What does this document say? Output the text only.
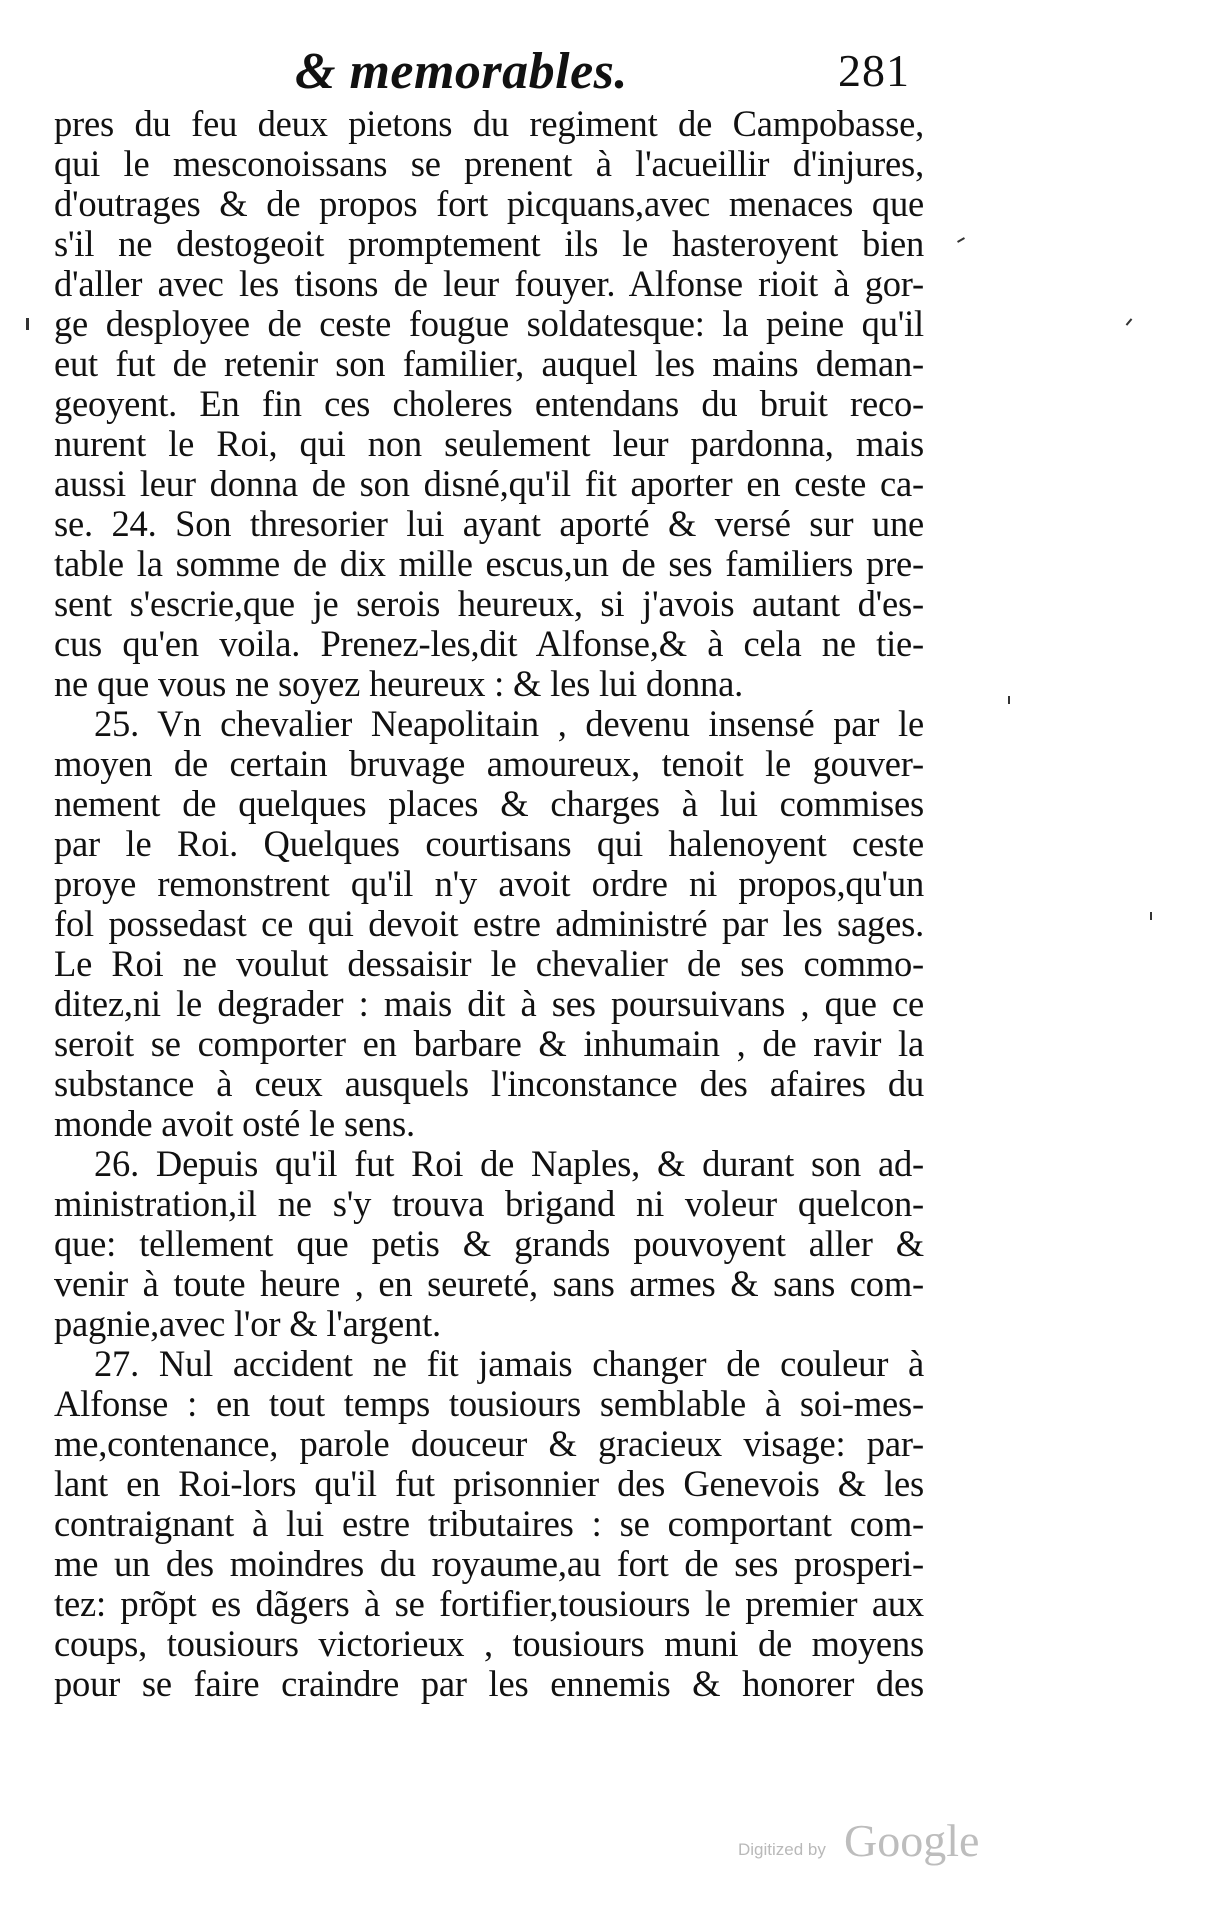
& memorables.	281
pres du feu deux pietons du regiment de Campobasse,
qui le mesconoissans se prenent à l'acueillir d'injures,
d'outrages & de propos fort picquans,avec menaces que
s'il ne destogeoit promptement ils le hasteroyent bien
d'aller avec les tisons de leur fouyer. Alfonse rioit à gor-
ge desployee de ceste fougue soldatesque: la peine qu'il
eut fut de retenir son familier, auquel les mains deman-
geoyent. En fin ces choleres entendans du bruit reco-
nurent le Roi, qui non seulement leur pardonna, mais
aussi leur donna de son disné,qu'il fit aporter en ceste ca-
se. 24. Son thresorier lui ayant aporté & versé sur une
table la somme de dix mille escus,un de ses familiers pre-
sent s'escrie,que je serois heureux, si j'avois autant d'es-
cus qu'en voila. Prenez-les,dit Alfonse,& à cela ne tie-
ne que vous ne soyez heureux : & les lui donna.
25. Vn chevalier Neapolitain , devenu insensé par le
moyen de certain bruvage amoureux, tenoit le gouver-
nement de quelques places & charges à lui commises
par le Roi. Quelques courtisans qui halenoyent ceste
proye remonstrent qu'il n'y avoit ordre ni propos,qu'un
fol possedast ce qui devoit estre administré par les sages.
Le Roi ne voulut dessaisir le chevalier de ses commo-
ditez,ni le degrader : mais dit à ses poursuivans , que ce
seroit se comporter en barbare & inhumain , de ravir la
substance à ceux ausquels l'inconstance des afaires du
monde avoit osté le sens.
26. Depuis qu'il fut Roi de Naples, & durant son ad-
ministration,il ne s'y trouva brigand ni voleur quelcon-
que: tellement que petis & grands pouvoyent aller &
venir à toute heure , en seureté, sans armes & sans com-
pagnie,avec l'or & l'argent.
27. Nul accident ne fit jamais changer de couleur à
Alfonse : en tout temps tousiours semblable à soi-mes-
me,contenance, parole douceur & gracieux visage: par-
lant en Roi-lors qu'il fut prisonnier des Genevois & les
contraignant à lui estre tributaires : se comportant com-
me un des moindres du royaume,au fort de ses prosperi-
tez: prõpt es dãgers à se fortifier,tousiours le premier aux
coups, tousiours victorieux , tousiours muni de moyens
pour se faire craindre par les ennemis & honorer des
Digitized by Google
